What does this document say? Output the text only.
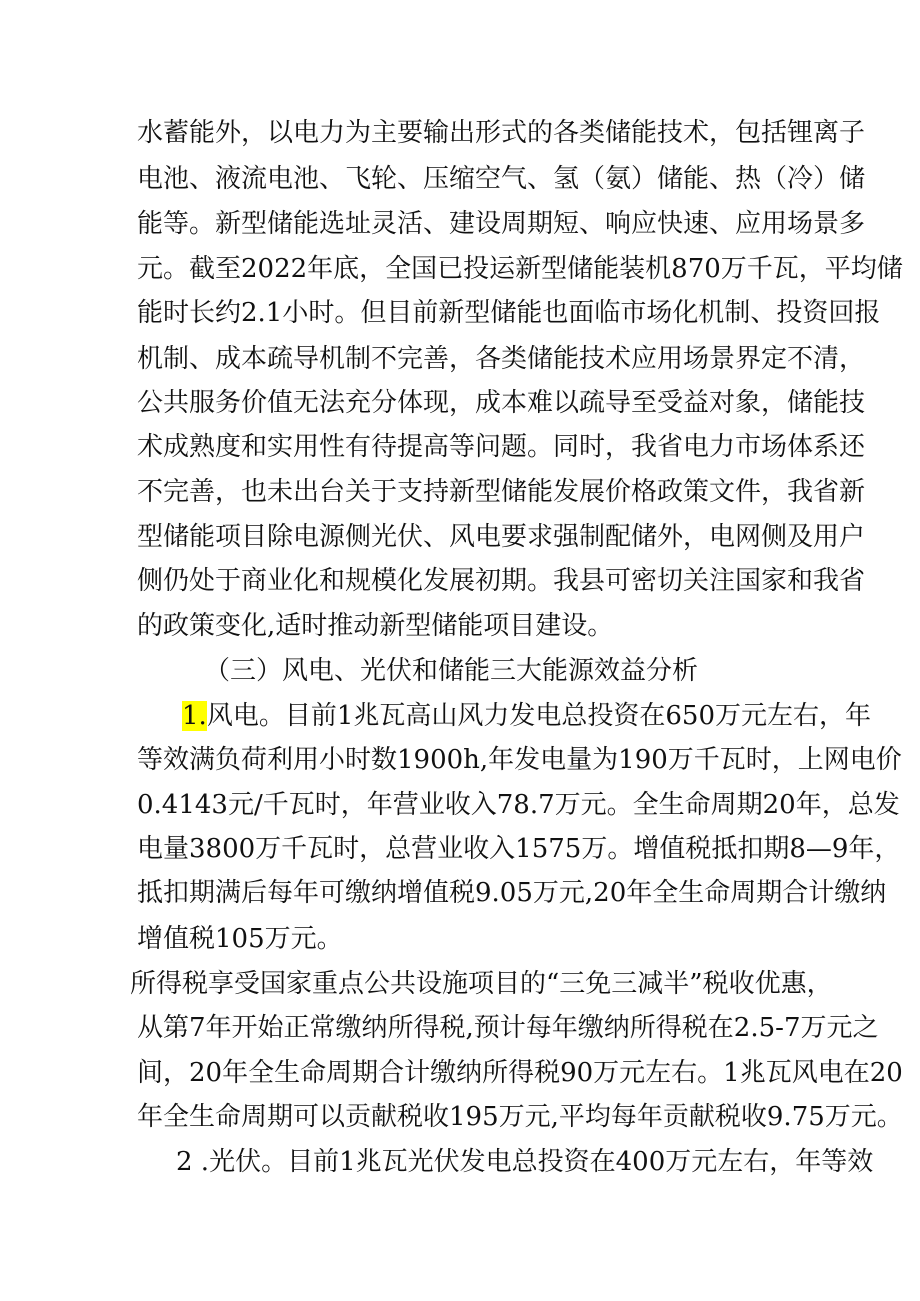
水蓄能外，以电力为主要输出形式的各类储能技术，包括锂离子
电池、液流电池、飞轮、压缩空气、氢（氨）储能、热（冷）储
能等。新型储能选址灵活、建设周期短、响应快速、应用场景多
元。截至2022年底，全国已投运新型储能装机870万千瓦，平均储
能时长约2.1小时。但目前新型储能也面临市场化机制、投资回报
机制、成本疏导机制不完善，各类储能技术应用场景界定不清，
公共服务价值无法充分体现，成本难以疏导至受益对象，储能技
术成熟度和实用性有待提高等问题。同时，我省电力市场体系还
不完善，也未出台关于支持新型储能发展价格政策文件，我省新
型储能项目除电源侧光伏、风电要求强制配储外，电网侧及用户
侧仍处于商业化和规模化发展初期。我县可密切关注国家和我省
的政策变化,适时推动新型储能项目建设。
（三）风电、光伏和储能三大能源效益分析
1.风电。目前1兆瓦高山风力发电总投资在650万元左右，年
等效满负荷利用小时数1900h,年发电量为190万千瓦时，上网电价
0.4143元/千瓦时，年营业收入78.7万元。全生命周期20年，总发
电量3800万千瓦时，总营业收入1575万。增值税抵扣期8—9年，
抵扣期满后每年可缴纳增值税9.05万元,20年全生命周期合计缴纳
增值税105万元。
所得税享受国家重点公共设施项目的“三免三减半”税收优惠，
从第7年开始正常缴纳所得税,预计每年缴纳所得税在2.5-7万元之
间，20年全生命周期合计缴纳所得税90万元左右。1兆瓦风电在20
年全生命周期可以贡献税收195万元,平均每年贡献税收9.75万元。
2 .光伏。目前1兆瓦光伏发电总投资在400万元左右，年等效
